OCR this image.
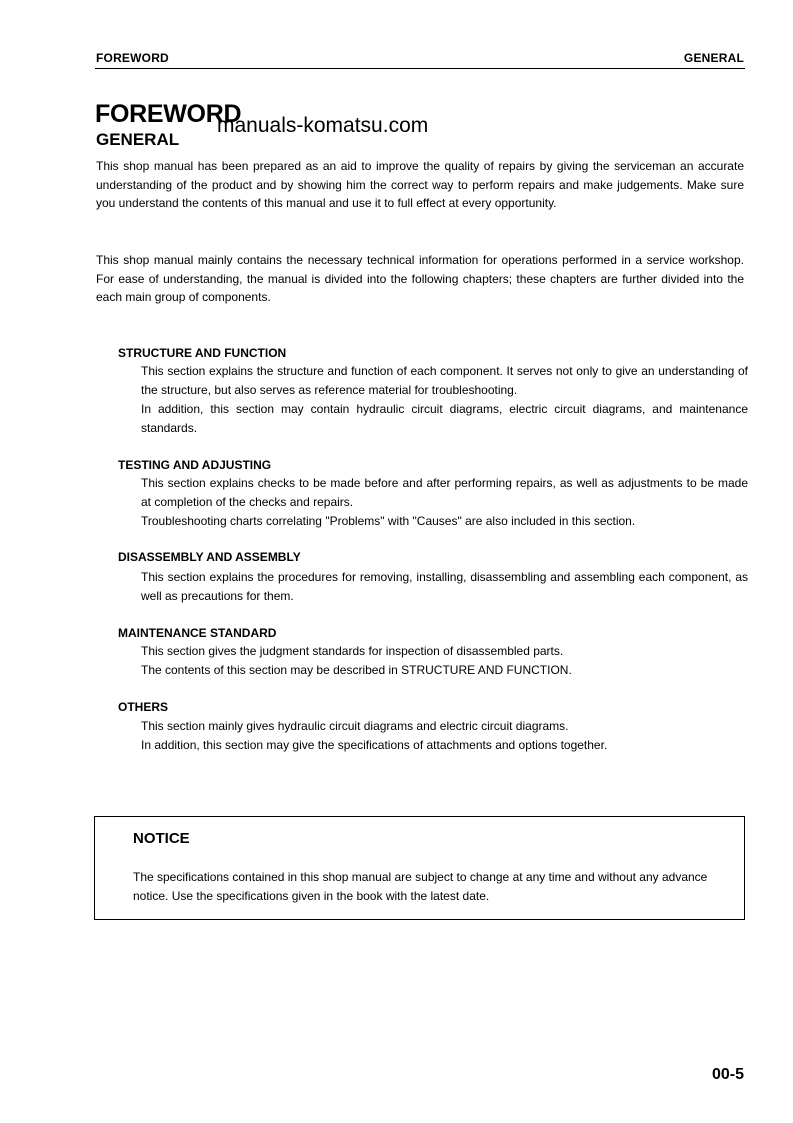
FOREWORD	GENERAL
FOREWORD
GENERAL
manuals-komatsu.com

This shop manual has been prepared as an aid to improve the quality of repairs by giving the serviceman an accurate understanding of the product and by showing him the correct way to perform repairs and make judgements. Make sure you understand the contents of this manual and use it to full effect at every opportunity.

This shop manual mainly contains the necessary technical information for operations performed in a service workshop. For ease of understanding, the manual is divided into the following chapters; these chapters are further divided into the each main group of components.

STRUCTURE AND FUNCTION

This section explains the structure and function of each component. It serves not only to give an understanding of the structure, but also serves as reference material for troubleshooting.

In addition, this section may contain hydraulic circuit diagrams, electric circuit diagrams, and maintenance standards.

TESTING AND ADJUSTING

This section explains checks to be made before and after performing repairs, as well as adjustments to be made at completion of the checks and repairs.

Troubleshooting charts correlating "Problems" with "Causes" are also included in this section.

DISASSEMBLY AND ASSEMBLY

This section explains the procedures for removing, installing, disassembling and assembling each component, as well as precautions for them.

MAINTENANCE STANDARD

This section gives the judgment standards for inspection of disassembled parts.

The contents of this section may be described in STRUCTURE AND FUNCTION.

OTHERS

This section mainly gives hydraulic circuit diagrams and electric circuit diagrams.

In addition, this section may give the specifications of attachments and options together.

NOTICE

The specifications contained in this shop manual are subject to change at any time and without any advance notice. Use the specifications given in the book with the latest date.

00-5
